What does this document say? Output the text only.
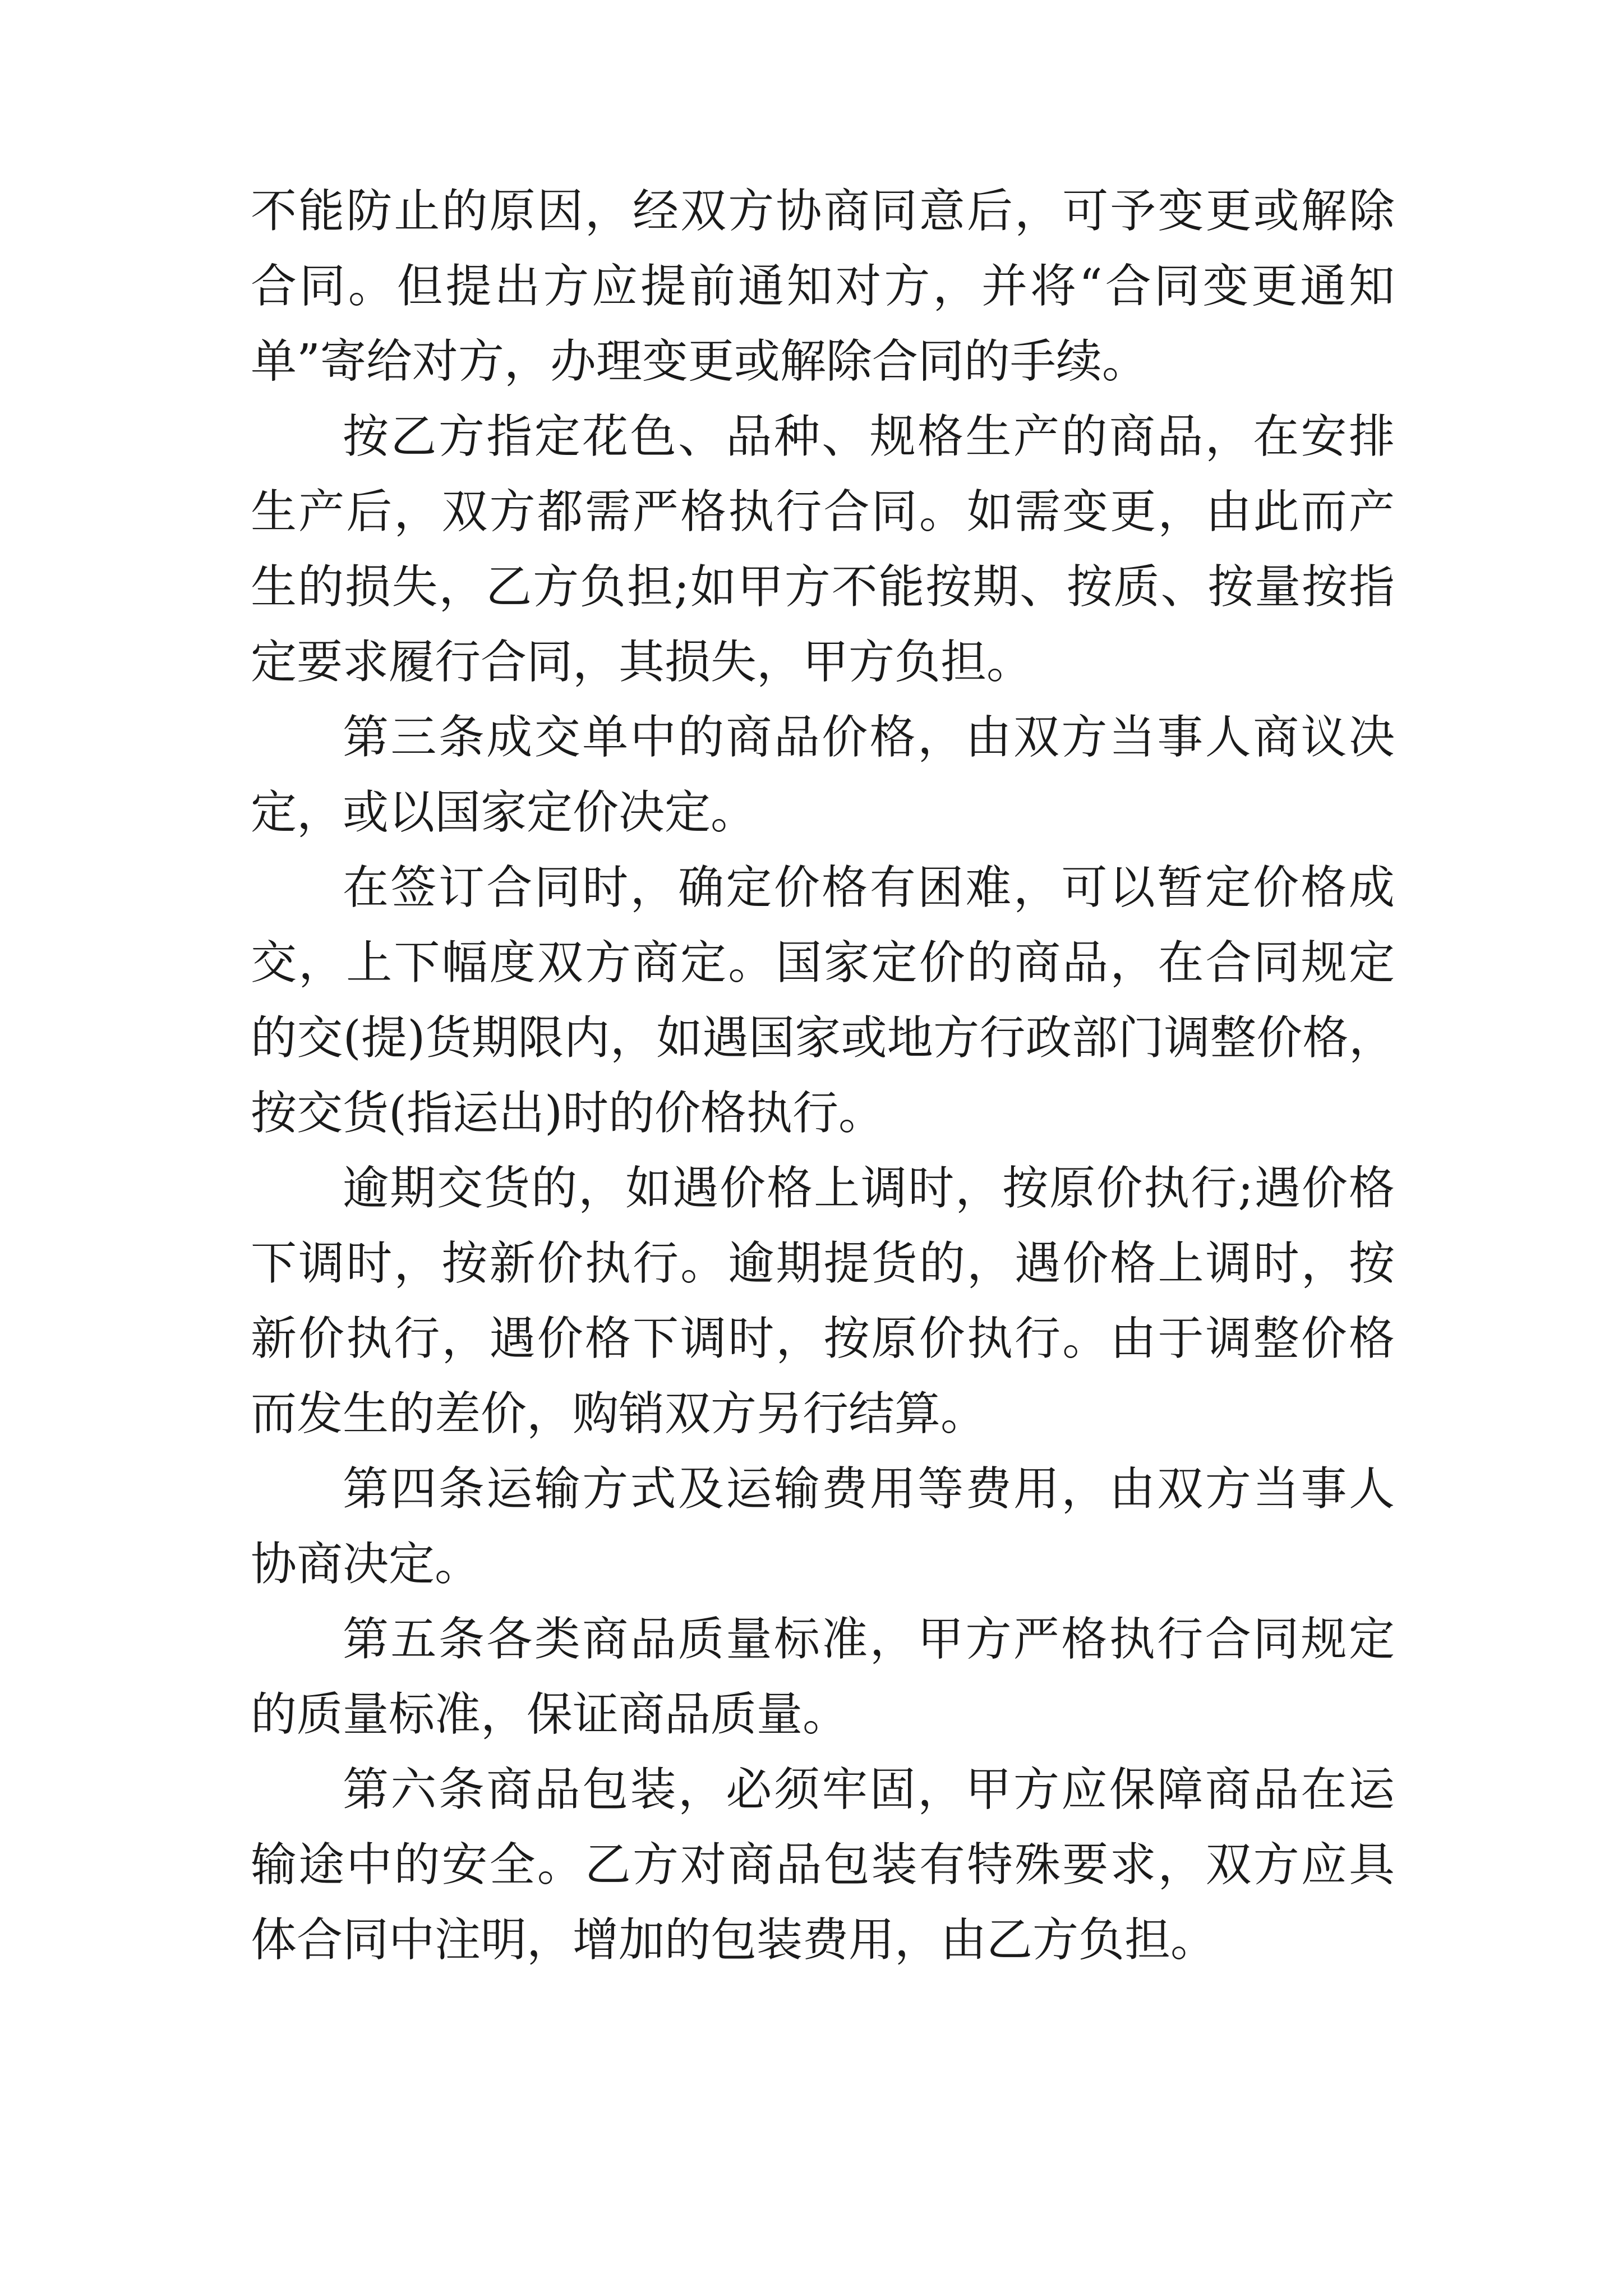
不能防止的原因，经双方协商同意后，可予变更或解除合同。但提出方应提前通知对方，并将“合同变更通知单”寄给对方，办理变更或解除合同的手续。

按乙方指定花色、品种、规格生产的商品，在安排生产后，双方都需严格执行合同。如需变更，由此而产生的损失，乙方负担;如甲方不能按期、按质、按量按指定要求履行合同，其损失，甲方负担。

第三条成交单中的商品价格，由双方当事人商议决定，或以国家定价决定。

在签订合同时，确定价格有困难，可以暂定价格成交，上下幅度双方商定。国家定价的商品，在合同规定的交(提)货期限内，如遇国家或地方行政部门调整价格，按交货(指运出)时的价格执行。

逾期交货的，如遇价格上调时，按原价执行;遇价格下调时，按新价执行。逾期提货的，遇价格上调时，按新价执行，遇价格下调时，按原价执行。由于调整价格而发生的差价，购销双方另行结算。

第四条运输方式及运输费用等费用，由双方当事人协商决定。

第五条各类商品质量标准，甲方严格执行合同规定的质量标准，保证商品质量。

第六条商品包装，必须牢固，甲方应保障商品在运输途中的安全。乙方对商品包装有特殊要求，双方应具体合同中注明，增加的包装费用，由乙方负担。
